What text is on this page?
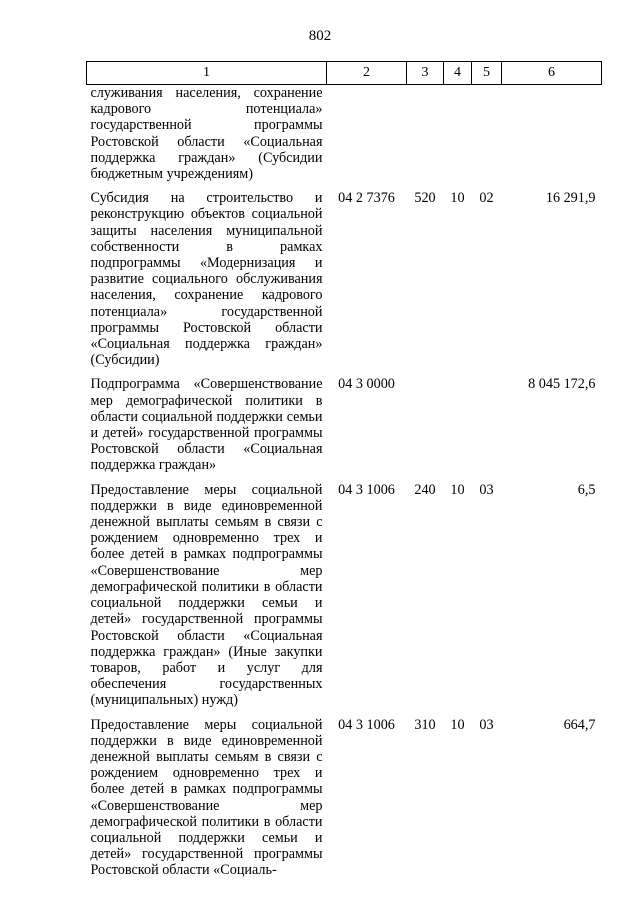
802
1	2	3	4	5	6
служивания населения, сохранение кадрового потенциала» государственной программы Ростовской области «Социальная поддержка граждан» (Субсидии бюджетным учреждениям)					
Субсидия на строительство и реконструкцию объектов социальной защиты населения муниципальной собственности в рамках подпрограммы «Модернизация и развитие социального обслуживания населения, сохранение кадрового потенциала» государственной программы Ростовской области «Социальная поддержка граждан» (Субсидии)	04 2 7376	520	10	02	16 291,9
Подпрограмма «Совершенствование мер демографической политики в области социальной поддержки семьи и детей» государственной программы Ростовской области «Социальная поддержка граждан»	04 3 0000				8 045 172,6
Предоставление меры социальной поддержки в виде единовременной денежной выплаты семьям в связи с рождением одновременно трех и более детей в рамках подпрограммы «Совершенствование мер демографической политики в области социальной поддержки семьи и детей» государственной программы Ростовской области «Социальная поддержка граждан» (Иные закупки товаров, работ и услуг для обеспечения государственных (муниципальных) нужд)	04 3 1006	240	10	03	6,5
Предоставление меры социальной поддержки в виде единовременной денежной выплаты семьям в связи с рождением одновременно трех и более детей в рамках подпрограммы «Совершенствование мер демографической политики в области социальной поддержки семьи и детей» государственной программы Ростовской области «Социаль-	04 3 1006	310	10	03	664,7
